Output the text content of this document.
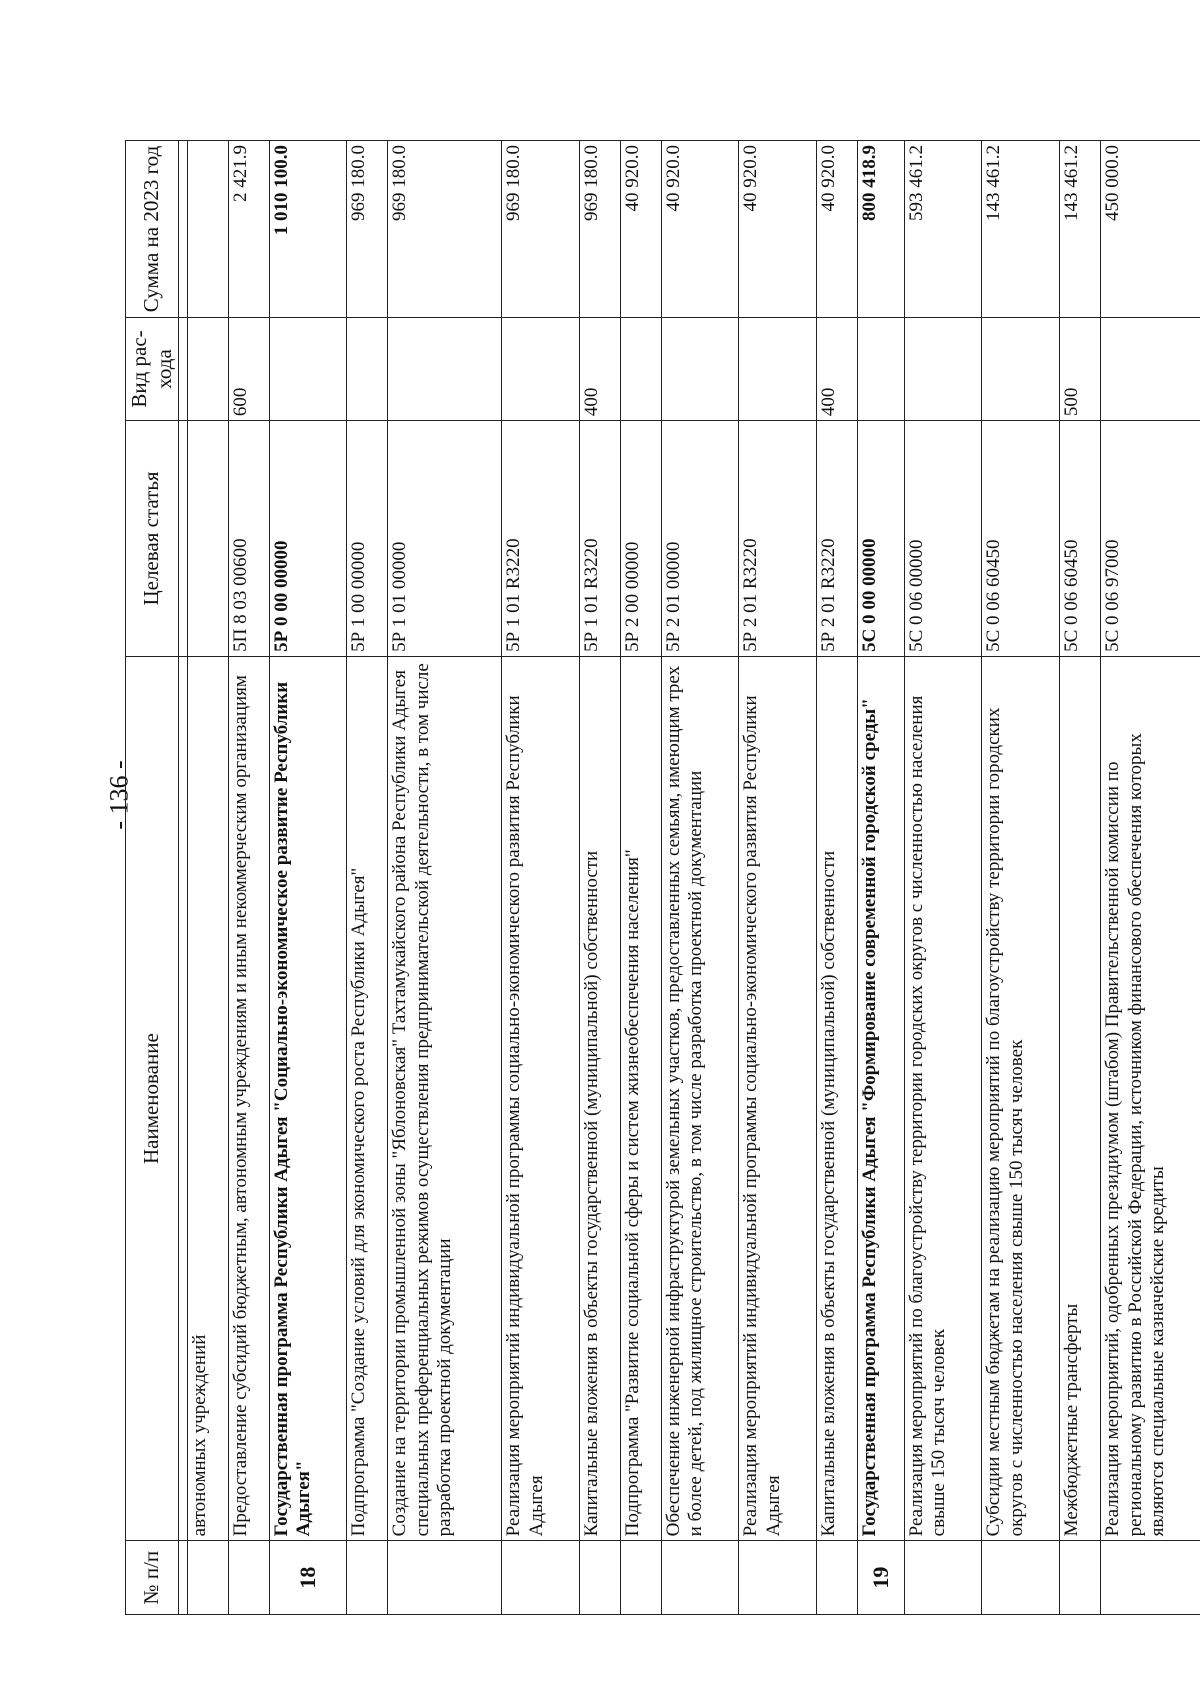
- 136 -
№ п/п	Наименование	Целевая статья	Вид рас-хода	Сумма на 2023 год

	автономных учреждений			
	Предоставление субсидий бюджетным, автономным учреждениям и иным некоммерческим организациям	5П 8 03 00600	600	2 421.9
18	Государственная программа Республики Адыгея "Социально-экономическое развитие Республики Адыгея"	5Р 0 00 00000		1 010 100.0
	Подпрограмма "Создание условий для экономического роста Республики Адыгея"	5Р 1 00 00000		969 180.0
	Создание на территории промышленной зоны "Яблоновская" Тахтамукайского района Республики Адыгея специальных преференциальных режимов осуществления предпринимательской деятельности, в том числе разработка проектной документации	5Р 1 01 00000		969 180.0
	Реализация мероприятий индивидуальной программы социально-экономического развития Республики Адыгея	5Р 1 01 R3220		969 180.0
	Капитальные вложения в объекты государственной (муниципальной) собственности	5Р 1 01 R3220	400	969 180.0
	Подпрограмма "Развитие социальной сферы и систем жизнеобеспечения населения"	5Р 2 00 00000		40 920.0
	Обеспечение инженерной инфраструктурой земельных участков, предоставленных семьям, имеющим трех и более детей, под жилищное строительство, в том числе разработка проектной документации	5Р 2 01 00000		40 920.0
	Реализация мероприятий индивидуальной программы социально-экономического развития Республики Адыгея	5Р 2 01 R3220		40 920.0
	Капитальные вложения в объекты государственной (муниципальной) собственности	5Р 2 01 R3220	400	40 920.0
19	Государственная программа Республики Адыгея "Формирование современной городской среды"	5С 0 00 00000		800 418.9
	Реализация мероприятий по благоустройству территории городских округов с численностью населения свыше 150 тысяч человек	5С 0 06 00000		593 461.2
	Субсидии местным бюджетам на реализацию мероприятий по благоустройству территории городских округов с численностью населения свыше 150 тысяч человек	5С 0 06 60450		143 461.2
	Межбюджетные трансферты	5С 0 06 60450	500	143 461.2
	Реализация мероприятий, одобренных президиумом (штабом) Правительственной комиссии по региональному развитию в Российской Федерации, источником финансового обеспечения которых являются специальные казначейские кредиты	5С 0 06 97000		450 000.0
